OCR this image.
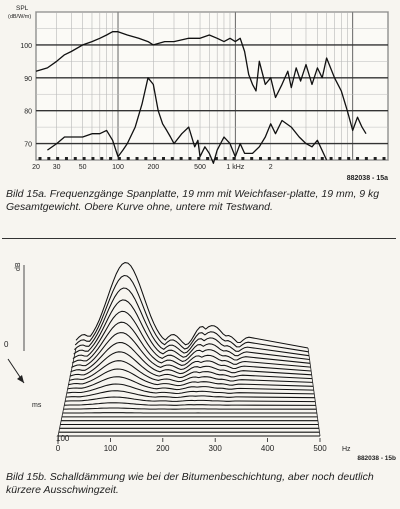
70
80
90
100
20 30	50	100	200	500	1 kHz	2
SPL
(dB/W/m)
882038 - 15a
Bild 15a. Frequenzgänge Spanplatte, 19 mm mit Weichfaser-platte, 19 mm, 9 kg Gesamtgewicht. Obere Kurve ohne, untere mit Testwand.
dB
0	100	200	300	400	500 Hz
882038 - 15b
0
100
ms
Bild 15b. Schalldämmung wie bei der Bitumenbeschichtung, aber noch deutlich kürzere Ausschwingzeit.
